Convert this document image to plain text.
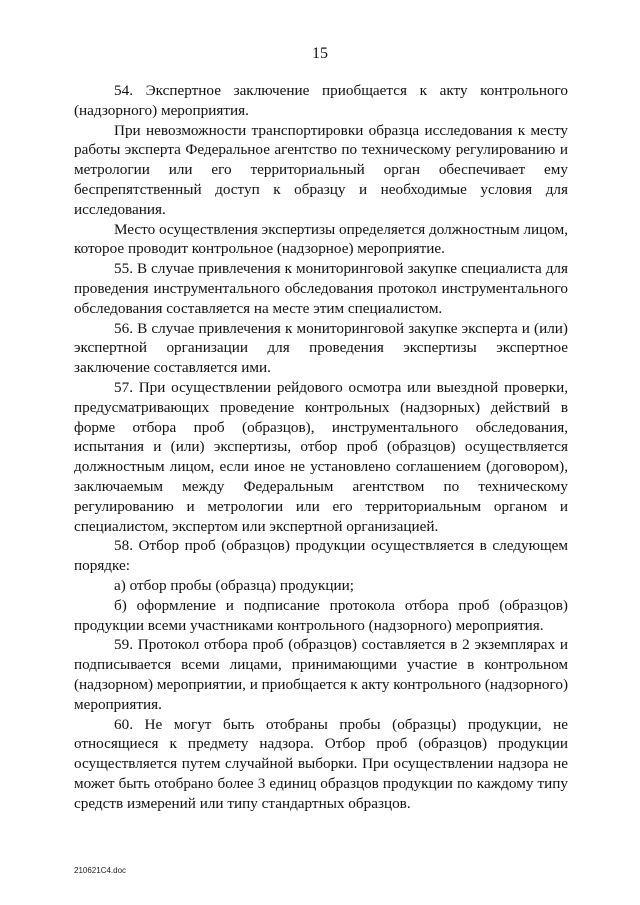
15

54. Экспертное заключение приобщается к акту контрольного (надзорного) мероприятия.

При невозможности транспортировки образца исследования к месту работы эксперта Федеральное агентство по техническому регулированию и метрологии или его территориальный орган обеспечивает ему беспрепятственный доступ к образцу и необходимые условия для исследования.

Место осуществления экспертизы определяется должностным лицом, которое проводит контрольное (надзорное) мероприятие.

55. В случае привлечения к мониторинговой закупке специалиста для проведения инструментального обследования протокол инструментального обследования составляется на месте этим специалистом.

56. В случае привлечения к мониторинговой закупке эксперта и (или) экспертной организации для проведения экспертизы экспертное заключение составляется ими.

57. При осуществлении рейдового осмотра или выездной проверки, предусматривающих проведение контрольных (надзорных) действий в форме отбора проб (образцов), инструментального обследования, испытания и (или) экспертизы, отбор проб (образцов) осуществляется должностным лицом, если иное не установлено соглашением (договором), заключаемым между Федеральным агентством по техническому регулированию и метрологии или его территориальным органом и специалистом, экспертом или экспертной организацией.

58. Отбор проб (образцов) продукции осуществляется в следующем порядке:

а) отбор пробы (образца) продукции;

б) оформление и подписание протокола отбора проб (образцов) продукции всеми участниками контрольного (надзорного) мероприятия.

59. Протокол отбора проб (образцов) составляется в 2 экземплярах и подписывается всеми лицами, принимающими участие в контрольном (надзорном) мероприятии, и приобщается к акту контрольного (надзорного) мероприятия.

60. Не могут быть отобраны пробы (образцы) продукции, не относящиеся к предмету надзора. Отбор проб (образцов) продукции осуществляется путем случайной выборки. При осуществлении надзора не может быть отобрано более 3 единиц образцов продукции по каждому типу средств измерений или типу стандартных образцов.

210621C4.doc
